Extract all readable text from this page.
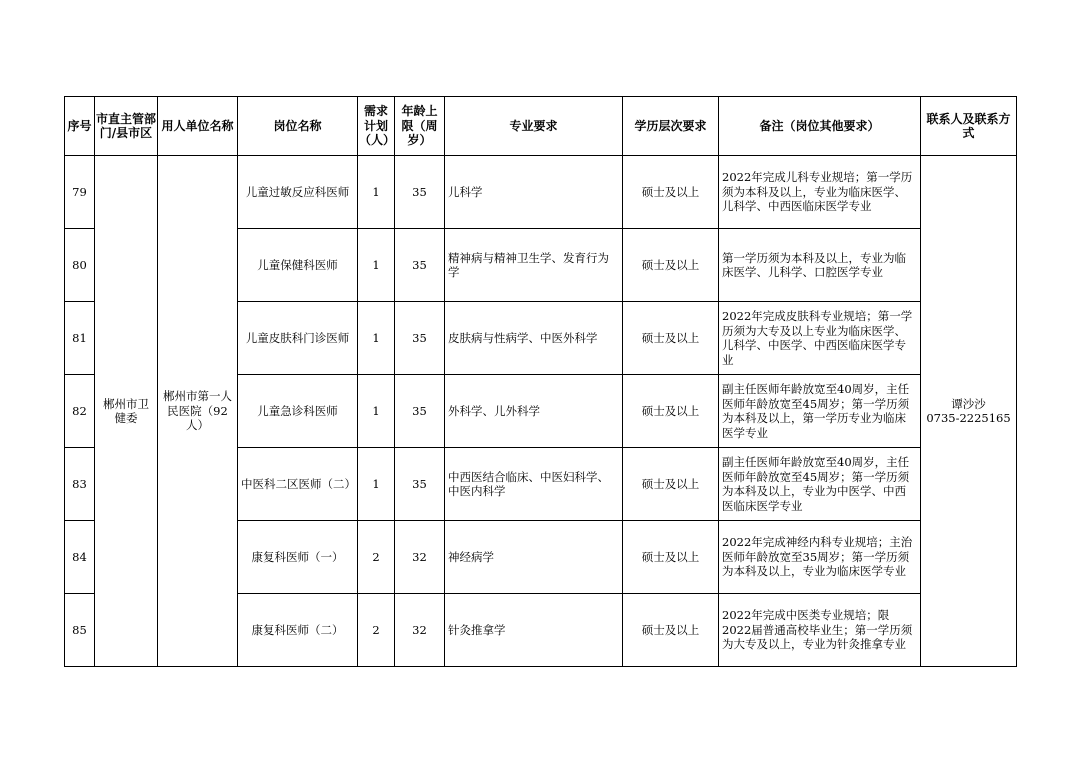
序号	市直主管部门/县市区	用人单位名称	岗位名称	需求计划（人）	年龄上限（周岁）	专业要求	学历层次要求	备注（岗位其他要求）	联系人及联系方式
79	郴州市卫健委	郴州市第一人民医院（92人）	儿童过敏反应科医师	1	35	儿科学	硕士及以上	2022年完成儿科专业规培；第一学历须为本科及以上，专业为临床医学、儿科学、中西医临床医学专业	谭沙沙
0735-2225165

80			儿童保健科医师	1	35	精神病与精神卫生学、发育行为学	硕士及以上	第一学历须为本科及以上，专业为临床医学、儿科学、口腔医学专业	
81			儿童皮肤科门诊医师	1	35	皮肤病与性病学、中医外科学	硕士及以上	2022年完成皮肤科专业规培；第一学历须为大专及以上专业为临床医学、儿科学、中医学、中西医临床医学专业	
82			儿童急诊科医师	1	35	外科学、儿外科学	硕士及以上	副主任医师年龄放宽至40周岁，主任医师年龄放宽至45周岁；第一学历须为本科及以上，第一学历专业为临床医学专业	
83			中医科二区医师（二）	1	35	中西医结合临床、中医妇科学、中医内科学	硕士及以上	副主任医师年龄放宽至40周岁，主任医师年龄放宽至45周岁；第一学历须为本科及以上，专业为中医学、中西医临床医学专业	
84			康复科医师（一）	2	32	神经病学	硕士及以上	2022年完成神经内科专业规培；主治医师年龄放宽至35周岁；第一学历须为本科及以上，专业为临床医学专业	
85			康复科医师（二）	2	32	针灸推拿学	硕士及以上	2022年完成中医类专业规培；限2022届普通高校毕业生；第一学历须为大专及以上，专业为针灸推拿专业	
